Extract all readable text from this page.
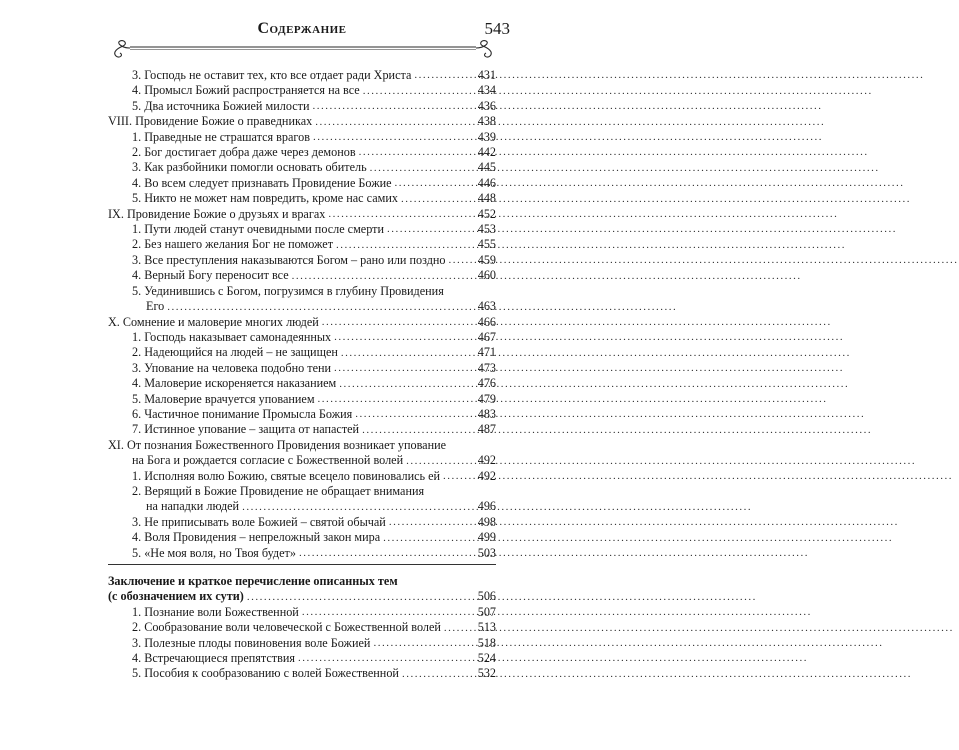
Содержание	543
3. Господь не оставит тех, кто все отдает ради Христа .....	431
4. Промысл Божий распространяется на все .....	434
5. Два источника Божией милости .....	436
VIII. Провидение Божие о праведниках .....	438
1. Праведные не страшатся врагов .....	439
2. Бог достигает добра даже через демонов .....	442
3. Как разбойники помогли основать обитель .....	445
4. Во всем следует признавать Провидение Божие .....	446
5. Никто не может нам повредить, кроме нас самих .....	448
IX. Провидение Божие о друзьях и врагах .....	452
1. Пути людей станут очевидными после смерти .....	453
2. Без нашего желания Бог не поможет .....	455
3. Все преступления наказываются Богом – рано или поздно .....	459
4. Верный Богу переносит все .....	460
5. Уединившись с Богом, погрузимся в глубину Провидения
Его .....	463
X. Сомнение и маловерие многих людей .....	466
1. Господь наказывает самонадеянных .....	467
2. Надеющийся на людей – не защищен .....	471
3. Упование на человека подобно тени .....	473
4. Маловерие искореняется наказанием .....	476
5. Маловерие врачуется упованием .....	479
6. Частичное понимание Промысла Божия .....	483
7. Истинное упование – защита от напастей .....	487
XI. От познания Божественного Провидения возникает упование
на Бога и рождается согласие с Божественной волей .....	492
1. Исполняя волю Божию, святые всецело повиновались ей .....	492
2. Верящий в Божие Провидение не обращает внимания
на нападки людей .....	496
3. Не приписывать воле Божией – святой обычай .....	498
4. Воля Провидения – непреложный закон мира .....	499
5. «Не моя воля, но Твоя будет» .....	503
Заключение и краткое перечисление описанных тем
(с обозначением их сути) .....	506
1. Познание воли Божественной .....	507
2. Сообразование воли человеческой с Божественной волей .....	513
3. Полезные плоды повиновения воле Божией .....	518
4. Встречающиеся препятствия .....	524
5. Пособия к сообразованию с волей Божественной .....	532
